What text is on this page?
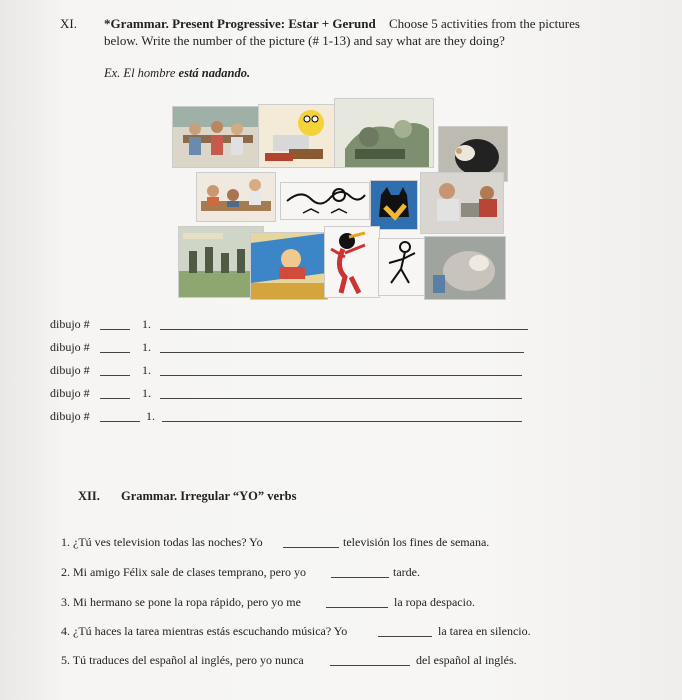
XI. *Grammar. Present Progressive: Estar + Gerund Choose 5 activities from the pictures
below. Write the number of the picture (# 1-13) and say what are they doing?
Ex. El hombre está nadando.
dibujo #	1.
dibujo #	1.
dibujo #	1.
dibujo #	1.
dibujo #	1.
XII. Grammar. Irregular “YO” verbs
1. ¿Tú ves television todas las noches? Yo	televisión los fines de semana.
2. Mi amigo Félix sale de clases temprano, pero yo	tarde.
3. Mi hermano se pone la ropa rápido, pero yo me	la ropa despacio.
4. ¿Tú haces la tarea mientras estás escuchando música? Yo	la tarea en silencio.
5. Tú traduces del español al inglés, pero yo nunca	del español al inglés.
